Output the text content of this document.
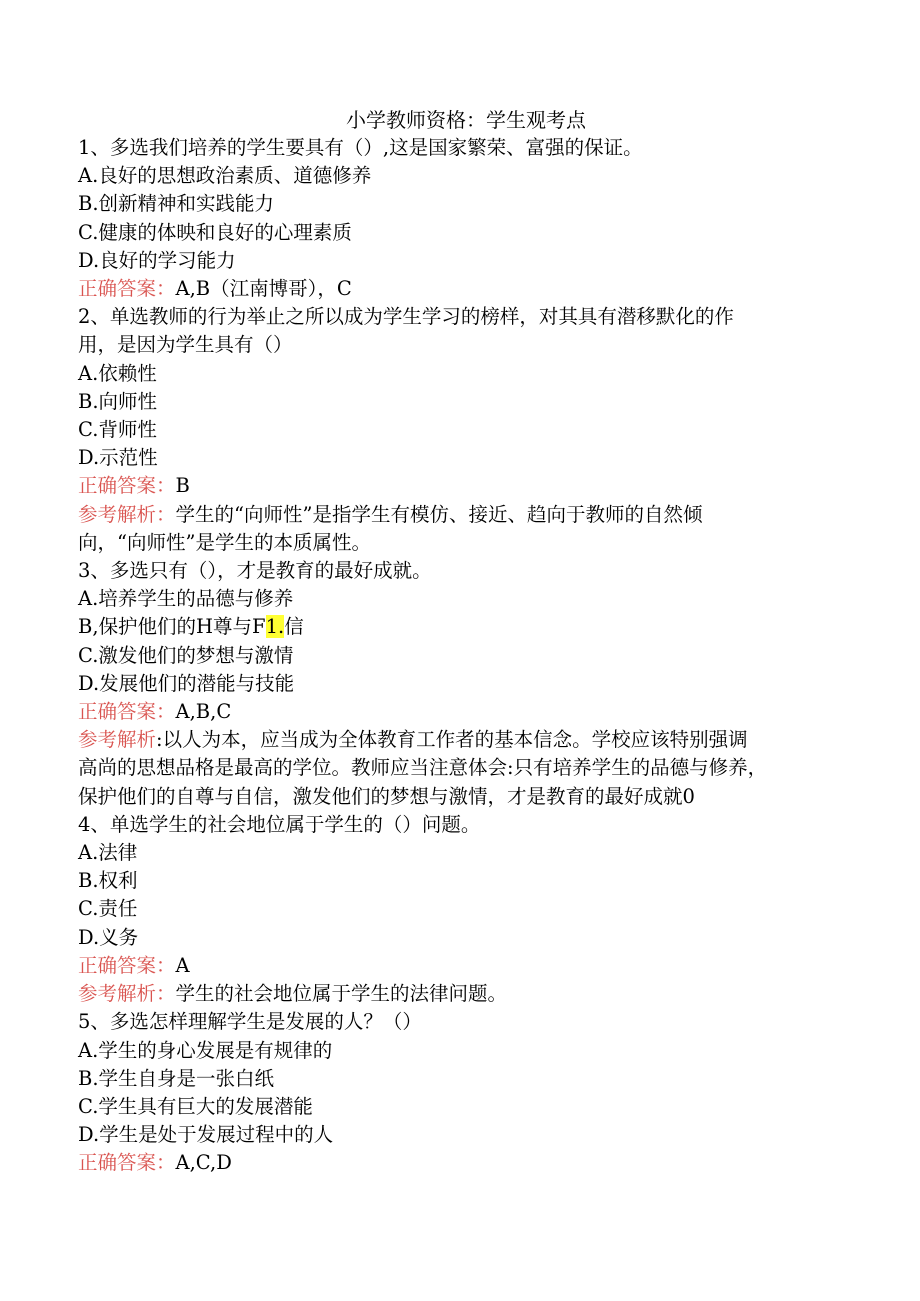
小学教师资格：学生观考点
1、多选我们培养的学生要具有（）,这是国家繁荣、富强的保证。
A.良好的思想政治素质、道德修养
B.创新精神和实践能力
C.健康的体映和良好的心理素质
D.良好的学习能力
正确答案：A,B（江南博哥），C
2、单选教师的行为举止之所以成为学生学习的榜样，对其具有潜移默化的作
用，是因为学生具有（）
A.依赖性
B.向师性
C.背师性
D.示范性
正确答案：B
参考解析：学生的“向师性”是指学生有模仿、接近、趋向于教师的自然倾
向，“向师性”是学生的本质属性。
3、多选只有（），才是教育的最好成就。
A.培养学生的品德与修养
B,保护他们的H尊与F1.信
C.激发他们的梦想与激情
D.发展他们的潜能与技能
正确答案：A,B,C
参考解析:以人为本，应当成为全体教育工作者的基本信念。学校应该特别强调
高尚的思想品格是最高的学位。教师应当注意体会:只有培养学生的品德与修养，
保护他们的自尊与自信，激发他们的梦想与激情，才是教育的最好成就0
4、单选学生的社会地位属于学生的（）问题。
A.法律
B.权利
C.责任
D.义务
正确答案：A
参考解析：学生的社会地位属于学生的法律问题。
5、多选怎样理解学生是发展的人？（）
A.学生的身心发展是有规律的
B.学生自身是一张白纸
C.学生具有巨大的发展潜能
D.学生是处于发展过程中的人
正确答案：A,C,D
